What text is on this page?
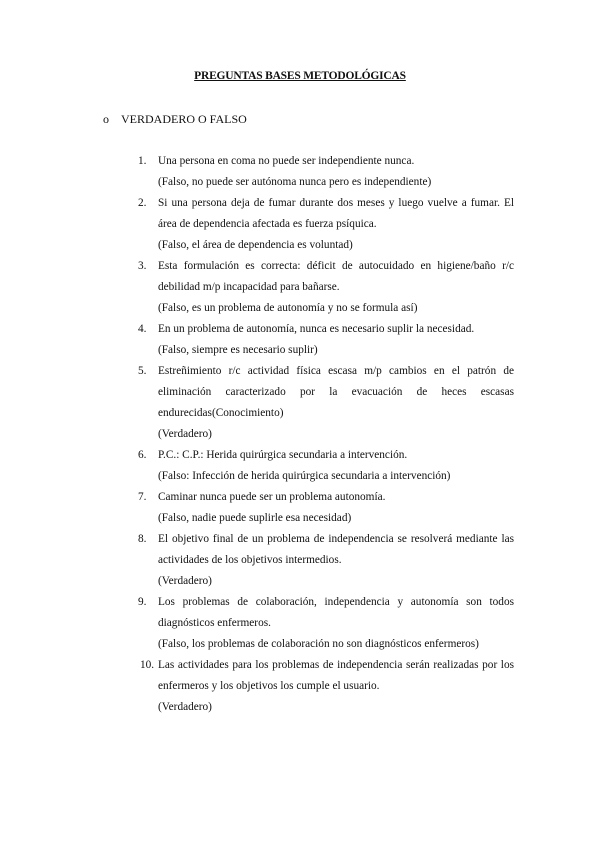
PREGUNTAS BASES METODOLÓGICAS
o	VERDADERO O FALSO
1. Una persona en coma no puede ser independiente nunca.
(Falso, no puede ser autónoma nunca pero es independiente)
2. Si una persona deja de fumar durante dos meses y luego vuelve a fumar. El área de dependencia afectada es fuerza psíquica.
(Falso, el área de dependencia es voluntad)
3. Esta formulación es correcta: déficit de autocuidado en higiene/baño r/c debilidad m/p incapacidad para bañarse.
(Falso, es un problema de autonomía y no se formula así)
4. En un problema de autonomía, nunca es necesario suplir la necesidad.
(Falso, siempre es necesario suplir)
5. Estreñimiento r/c actividad física escasa m/p cambios en el patrón de eliminación caracterizado por la evacuación de heces escasas endurecidas(Conocimiento)
(Verdadero)
6. P.C.: C.P.: Herida quirúrgica secundaria a intervención.
(Falso: Infección de herida quirúrgica secundaria a intervención)
7. Caminar nunca puede ser un problema autonomía.
(Falso, nadie puede suplirle esa necesidad)
8. El objetivo final de un problema de independencia se resolverá mediante las actividades de los objetivos intermedios.
(Verdadero)
9. Los problemas de colaboración, independencia y autonomía son todos diagnósticos enfermeros.
(Falso, los problemas de colaboración no son diagnósticos enfermeros)
10. Las actividades para los problemas de independencia serán realizadas por los enfermeros y los objetivos los cumple el usuario.
(Verdadero)
